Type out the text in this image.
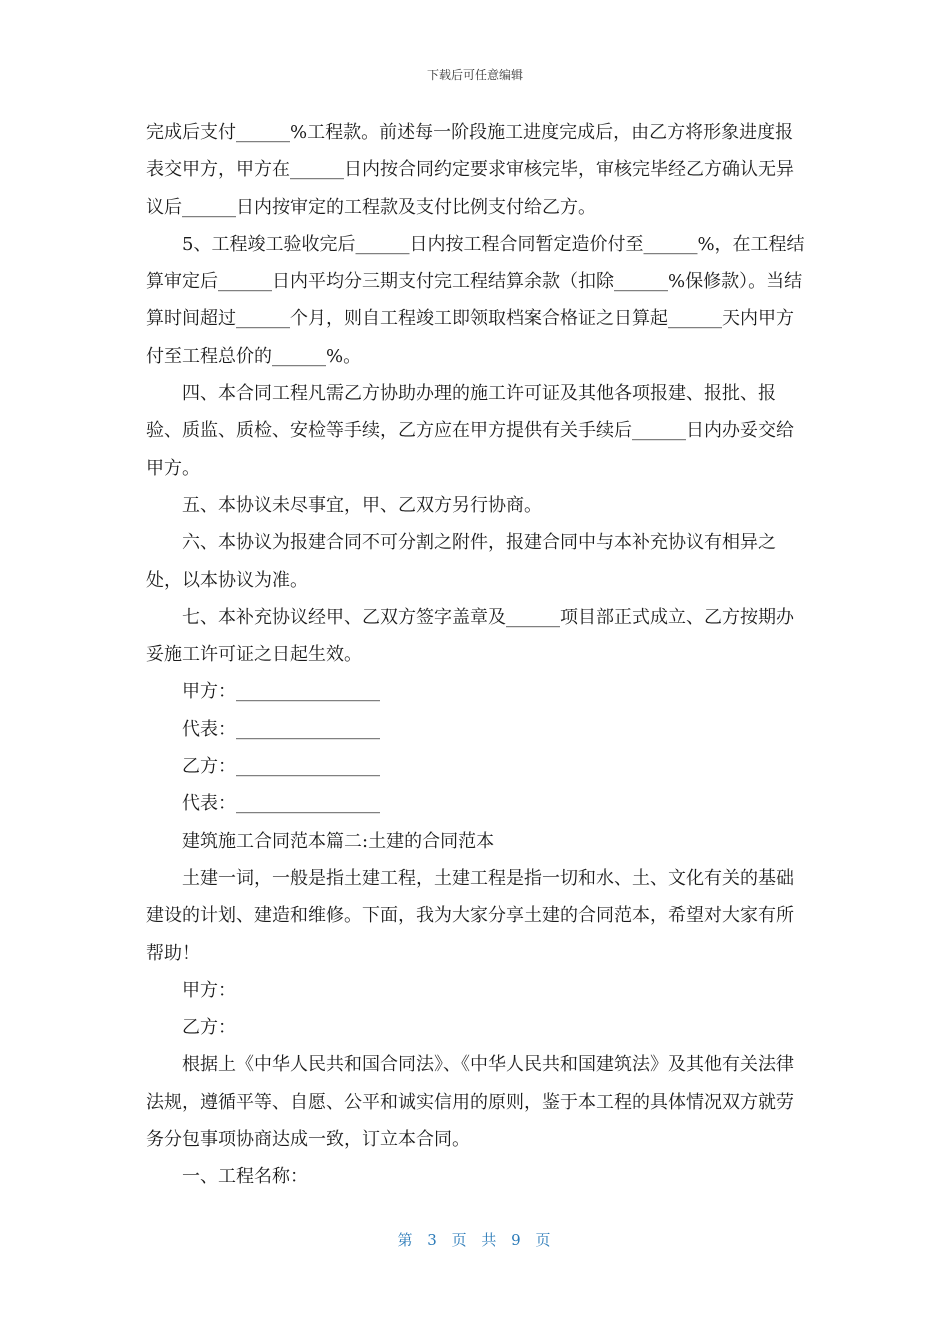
下载后可任意编辑

完成后支付______%工程款。前述每一阶段施工进度完成后，由乙方将形象进度报表交甲方，甲方在______日内按合同约定要求审核完毕，审核完毕经乙方确认无异议后______日内按审定的工程款及支付比例支付给乙方。

5、工程竣工验收完后______日内按工程合同暂定造价付至______%，在工程结算审定后______日内平均分三期支付完工程结算余款（扣除______%保修款）。当结算时间超过______个月，则自工程竣工即领取档案合格证之日算起______天内甲方付至工程总价的______%。

四、本合同工程凡需乙方协助办理的施工许可证及其他各项报建、报批、报验、质监、质检、安检等手续，乙方应在甲方提供有关手续后______日内办妥交给甲方。

五、本协议未尽事宜，甲、乙双方另行协商。

六、本协议为报建合同不可分割之附件，报建合同中与本补充协议有相异之处，以本协议为准。

七、本补充协议经甲、乙双方签字盖章及______项目部正式成立、乙方按期办妥施工许可证之日起生效。

甲方：________________

代表：________________

乙方：________________

代表：________________

建筑施工合同范本篇二:土建的合同范本

土建一词，一般是指土建工程，土建工程是指一切和水、土、文化有关的基础建设的计划、建造和维修。下面，我为大家分享土建的合同范本，希望对大家有所帮助！

甲方：

乙方：

根据上《中华人民共和国合同法》、《中华人民共和国建筑法》及其他有关法律法规，遵循平等、自愿、公平和诚实信用的原则，鉴于本工程的具体情况双方就劳务分包事项协商达成一致，订立本合同。

一、工程名称：

第 3 页 共 9 页
